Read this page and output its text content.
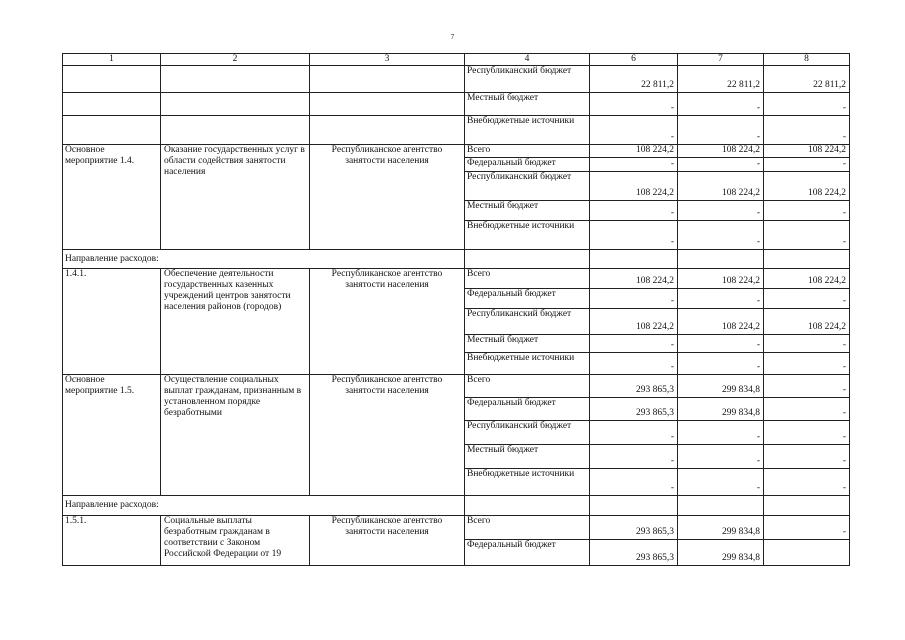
7
1	2	3	4	6	7	8
			Республиканский бюджет	22 811,2	22 811,2	22 811,2
			Местный бюджет	-	-	-
			Внебюджетные источники	-	-	-
Основное мероприятие 1.4.	Оказание государственных услуг в области содействия занятости населения	Республиканское агентство занятости населения	Всего	108 224,2	108 224,2	108 224,2
			Федеральный бюджет	-	-	-
			Республиканский бюджет	108 224,2	108 224,2	108 224,2
			Местный бюджет	-	-	-
			Внебюджетные источники	-	-	-
Направление расходов:						
1.4.1.	Обеспечение деятельности государственных казенных учреждений центров занятости населения районов (городов)	Республиканское агентство занятости населения	Всего	108 224,2	108 224,2	108 224,2
			Федеральный бюджет	-	-	-
			Республиканский бюджет	108 224,2	108 224,2	108 224,2
			Местный бюджет	-	-	-
			Внебюджетные источники	-	-	-
Основное мероприятие 1.5.	Осуществление социальных выплат гражданам, признанным в установленном порядке безработными	Республиканское агентство занятости населения	Всего	293 865,3	299 834,8	-
			Федеральный бюджет	293 865,3	299 834,8	-
			Республиканский бюджет	-	-	-
			Местный бюджет	-	-	-
			Внебюджетные источники	-	-	-
Направление расходов:						
1.5.1.	Социальные выплаты безработным гражданам в соответствии с Законом Российской Федерации от 19	Республиканское агентство занятости населения	Всего	293 865,3	299 834,8	-
			Федеральный бюджет	293 865,3	299 834,8	
